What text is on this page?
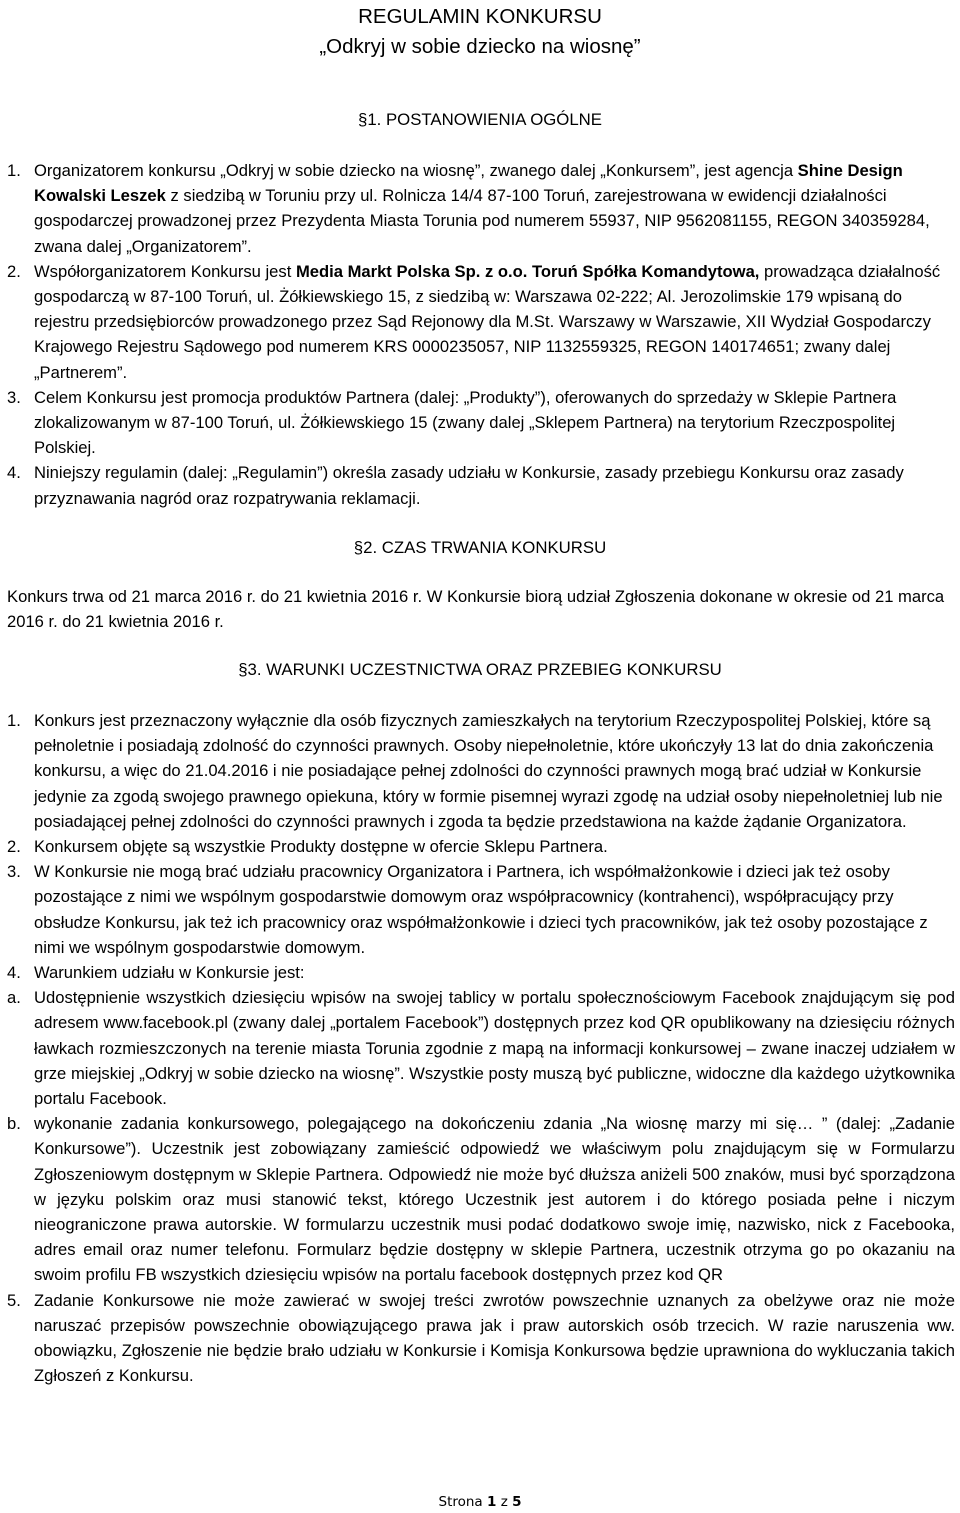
REGULAMIN KONKURSU
„Odkryj w sobie dziecko na wiosnę”
§1. POSTANOWIENIA OGÓLNE
1. Organizatorem konkursu „Odkryj w sobie dziecko na wiosnę”, zwanego dalej „Konkursem”, jest agencja Shine Design Kowalski Leszek z siedzibą w Toruniu przy ul. Rolnicza 14/4 87-100 Toruń, zarejestrowana w ewidencji działalności gospodarczej prowadzonej przez Prezydenta Miasta Torunia pod numerem 55937, NIP 9562081155, REGON 340359284, zwana dalej „Organizatorem”.
2. Współorganizatorem Konkursu jest Media Markt Polska Sp. z o.o. Toruń Spółka Komandytowa, prowadząca działalność gospodarczą w 87-100 Toruń, ul. Żółkiewskiego 15, z siedzibą w: Warszawa 02-222; Al. Jerozolimskie 179 wpisaną do rejestru przedsiębiorców prowadzonego przez Sąd Rejonowy dla M.St. Warszawy w Warszawie, XII Wydział Gospodarczy Krajowego Rejestru Sądowego pod numerem KRS 0000235057, NIP 1132559325, REGON 140174651; zwany dalej „Partnerem”.
3. Celem Konkursu jest promocja produktów Partnera (dalej: „Produkty”), oferowanych do sprzedaży w Sklepie Partnera zlokalizowanym w 87-100 Toruń, ul. Żółkiewskiego 15 (zwany dalej „Sklepem Partnera) na terytorium Rzeczpospolitej Polskiej.
4. Niniejszy regulamin (dalej: „Regulamin”) określa zasady udziału w Konkursie, zasady przebiegu Konkursu oraz zasady przyznawania nagród oraz rozpatrywania reklamacji.
§2. CZAS TRWANIA KONKURSU
Konkurs trwa od 21 marca 2016 r. do 21 kwietnia 2016 r. W Konkursie biorą udział Zgłoszenia dokonane w okresie od 21 marca 2016 r. do 21 kwietnia 2016 r.
§3. WARUNKI UCZESTNICTWA ORAZ PRZEBIEG KONKURSU
1. Konkurs jest przeznaczony wyłącznie dla osób fizycznych zamieszkałych na terytorium Rzeczypospolitej Polskiej, które są pełnoletnie i posiadają zdolność do czynności prawnych. Osoby niepełnoletnie, które ukończyły 13 lat do dnia zakończenia konkursu, a więc do 21.04.2016 i nie posiadające pełnej zdolności do czynności prawnych mogą brać udział w Konkursie jedynie za zgodą swojego prawnego opiekuna, który w formie pisemnej wyrazi zgodę na udział osoby niepełnoletniej lub nie posiadającej pełnej zdolności do czynności prawnych i zgoda ta będzie przedstawiona na każde żądanie Organizatora.
2. Konkursem objęte są wszystkie Produkty dostępne w ofercie Sklepu Partnera.
3. W Konkursie nie mogą brać udziału pracownicy Organizatora i Partnera, ich współmałżonkowie i dzieci jak też osoby pozostające z nimi we wspólnym gospodarstwie domowym oraz współpracownicy (kontrahenci), współpracujący przy obsłudze Konkursu, jak też ich pracownicy oraz współmałżonkowie i dzieci tych pracowników, jak też osoby pozostające z nimi we wspólnym gospodarstwie domowym.
4. Warunkiem udziału w Konkursie jest:
a. Udostępnienie wszystkich dziesięciu wpisów na swojej tablicy w portalu społecznościowym Facebook znajdującym się pod adresem www.facebook.pl (zwany dalej „portalem Facebook”) dostępnych przez kod QR opublikowany na dziesięciu różnych ławkach rozmieszczonych na terenie miasta Torunia zgodnie z mapą na informacji konkursowej – zwane inaczej udziałem w grze miejskiej „Odkryj w sobie dziecko na wiosnę”. Wszystkie posty muszą być publiczne, widoczne dla każdego użytkownika portalu Facebook.
b. wykonanie zadania konkursowego, polegającego na dokończeniu zdania „Na wiosnę marzy mi się… ” (dalej: „Zadanie Konkursowe”). Uczestnik jest zobowiązany zamieścić odpowiedź we właściwym polu znajdującym się w Formularzu Zgłoszeniowym dostępnym w Sklepie Partnera. Odpowiedź nie może być dłuższa aniżeli 500 znaków, musi być sporządzona w języku polskim oraz musi stanowić tekst, którego Uczestnik jest autorem i do którego posiada pełne i niczym nieograniczone prawa autorskie. W formularzu uczestnik musi podać dodatkowo swoje imię, nazwisko, nick z Facebooka, adres email oraz numer telefonu. Formularz będzie dostępny w sklepie Partnera, uczestnik otrzyma go po okazaniu na swoim profilu FB wszystkich dziesięciu wpisów na portalu facebook dostępnych przez kod QR
5. Zadanie Konkursowe nie może zawierać w swojej treści zwrotów powszechnie uznanych za obelżywe oraz nie może naruszać przepisów powszechnie obowiązującego prawa jak i praw autorskich osób trzecich. W razie naruszenia ww. obowiązku, Zgłoszenie nie będzie brało udziału w Konkursie i Komisja Konkursowa będzie uprawniona do wykluczania takich Zgłoszeń z Konkursu.
Strona 1 z 5
